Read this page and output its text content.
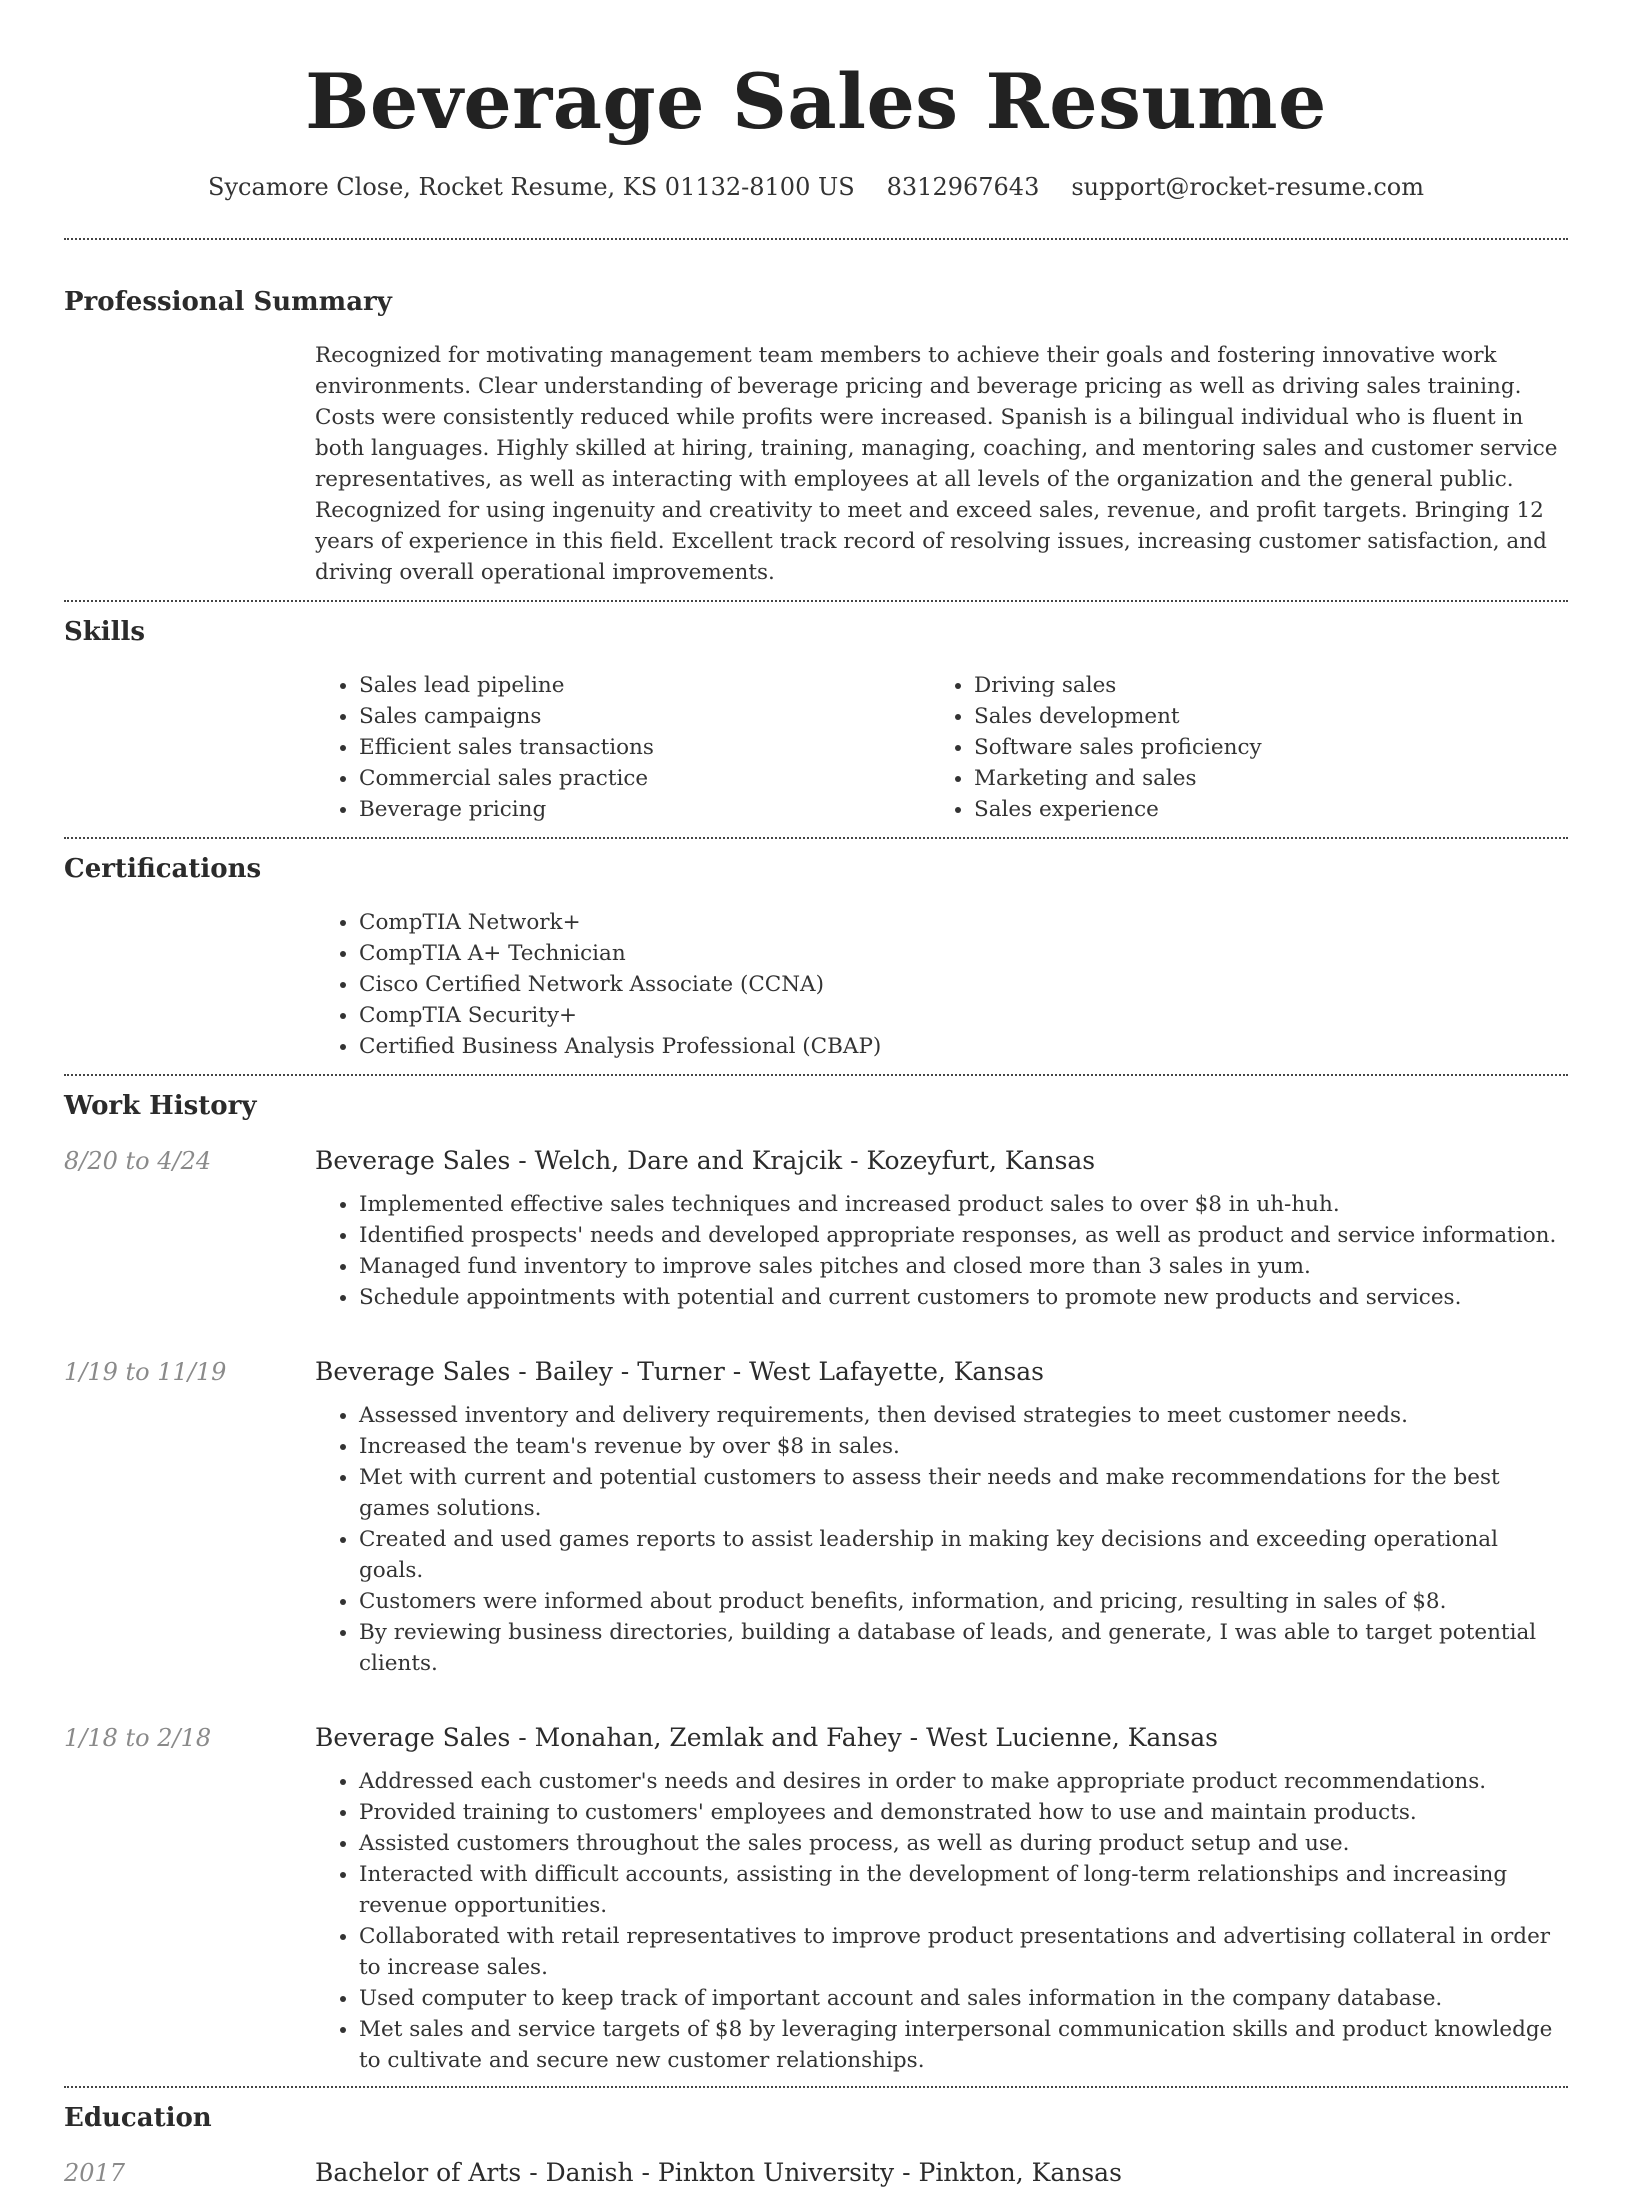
Beverage Sales Resume
Sycamore Close, Rocket Resume, KS 01132-8100 US 8312967643 support@rocket-resume.com
Professional Summary

Recognized for motivating management team members to achieve their goals and fostering innovative work environments. Clear understanding of beverage pricing and beverage pricing as well as driving sales training. Costs were consistently reduced while profits were increased. Spanish is a bilingual individual who is fluent in both languages. Highly skilled at hiring, training, managing, coaching, and mentoring sales and customer service representatives, as well as interacting with employees at all levels of the organization and the general public. Recognized for using ingenuity and creativity to meet and exceed sales, revenue, and profit targets. Bringing 12 years of experience in this field. Excellent track record of resolving issues, increasing customer satisfaction, and driving overall operational improvements.

Skills
• Sales lead pipeline
• Sales campaigns
• Efficient sales transactions
• Commercial sales practice
• Beverage pricing
• Driving sales
• Sales development
• Software sales proficiency
• Marketing and sales
• Sales experience
Certifications
• CompTIA Network+
• CompTIA A+ Technician
• Cisco Certified Network Associate (CCNA)
• CompTIA Security+
• Certified Business Analysis Professional (CBAP)
Work History
8/20 to 4/24	Beverage Sales - Welch, Dare and Krajcik - Kozeyfurt, Kansas
• Implemented effective sales techniques and increased product sales to over $8 in uh-huh.
• Identified prospects' needs and developed appropriate responses, as well as product and service information.
• Managed fund inventory to improve sales pitches and closed more than 3 sales in yum.
• Schedule appointments with potential and current customers to promote new products and services.
1/19 to 11/19	Beverage Sales - Bailey - Turner - West Lafayette, Kansas
• Assessed inventory and delivery requirements, then devised strategies to meet customer needs.
• Increased the team's revenue by over $8 in sales.
• Met with current and potential customers to assess their needs and make recommendations for the best games solutions.
• Created and used games reports to assist leadership in making key decisions and exceeding operational goals.
• Customers were informed about product benefits, information, and pricing, resulting in sales of $8.
• By reviewing business directories, building a database of leads, and generate, I was able to target potential clients.
1/18 to 2/18	Beverage Sales - Monahan, Zemlak and Fahey - West Lucienne, Kansas
• Addressed each customer's needs and desires in order to make appropriate product recommendations.
• Provided training to customers' employees and demonstrated how to use and maintain products.
• Assisted customers throughout the sales process, as well as during product setup and use.
• Interacted with difficult accounts, assisting in the development of long-term relationships and increasing revenue opportunities.
• Collaborated with retail representatives to improve product presentations and advertising collateral in order to increase sales.
• Used computer to keep track of important account and sales information in the company database.
• Met sales and service targets of $8 by leveraging interpersonal communication skills and product knowledge to cultivate and secure new customer relationships.
Education
2017	Bachelor of Arts - Danish - Pinkton University - Pinkton, Kansas
